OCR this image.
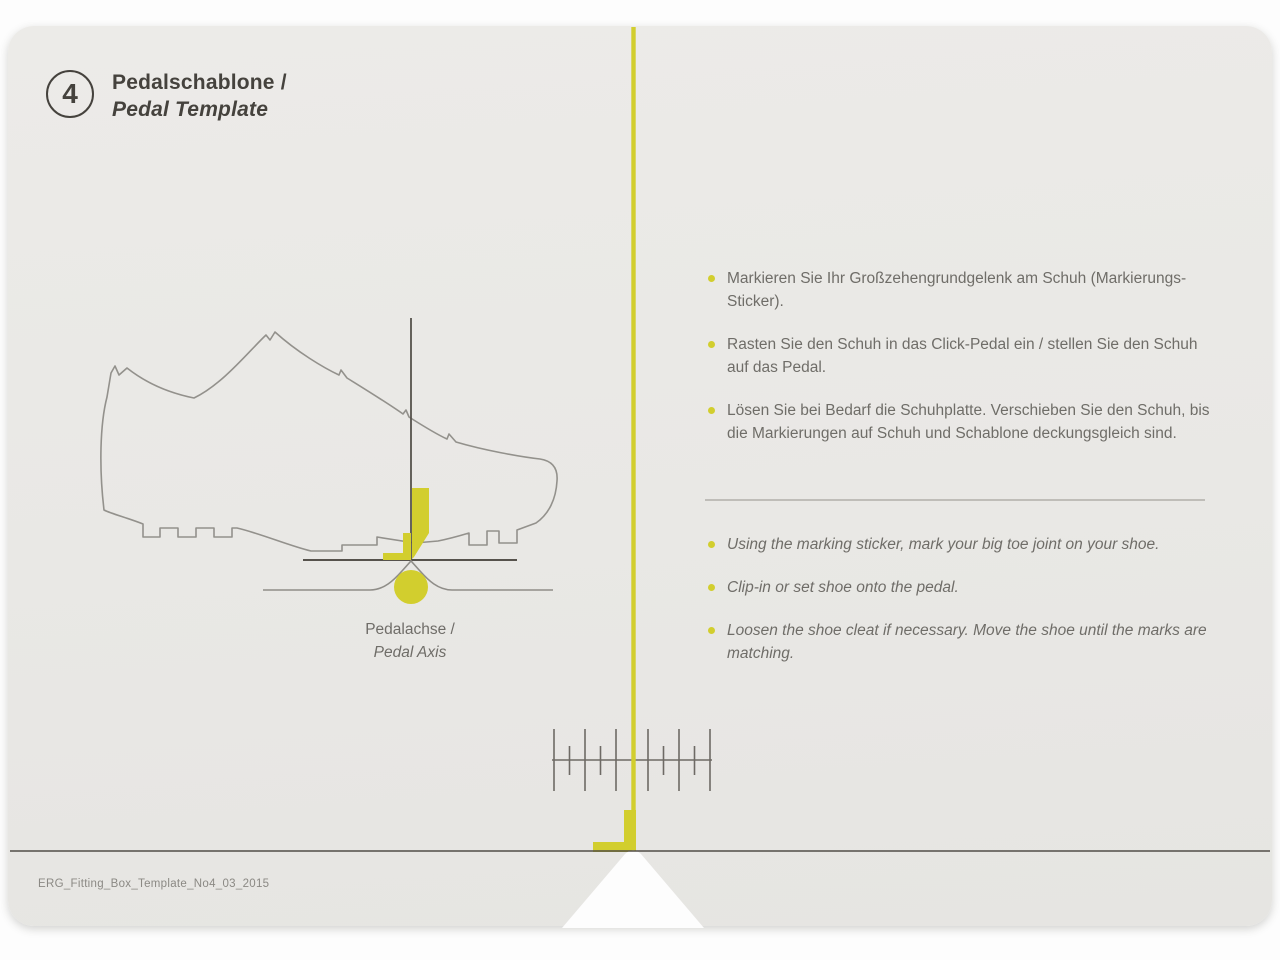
4 Pedalschablone /
Pedal Template
Markieren Sie Ihr Großzehengrundgelenk am Schuh (Markierungs-Sticker).
Rasten Sie den Schuh in das Click-Pedal ein / stellen Sie den Schuh auf das Pedal.
Lösen Sie bei Bedarf die Schuhplatte. Verschieben Sie den Schuh, bis die Markierungen auf Schuh und Schablone deckungsgleich sind.
Using the marking sticker, mark your big toe joint on your shoe.
Clip-in or set shoe onto the pedal.
Loosen the shoe cleat if necessary. Move the shoe until the marks are matching.
Pedalachse /
Pedal Axis
ERG_Fitting_Box_Template_No4_03_2015
